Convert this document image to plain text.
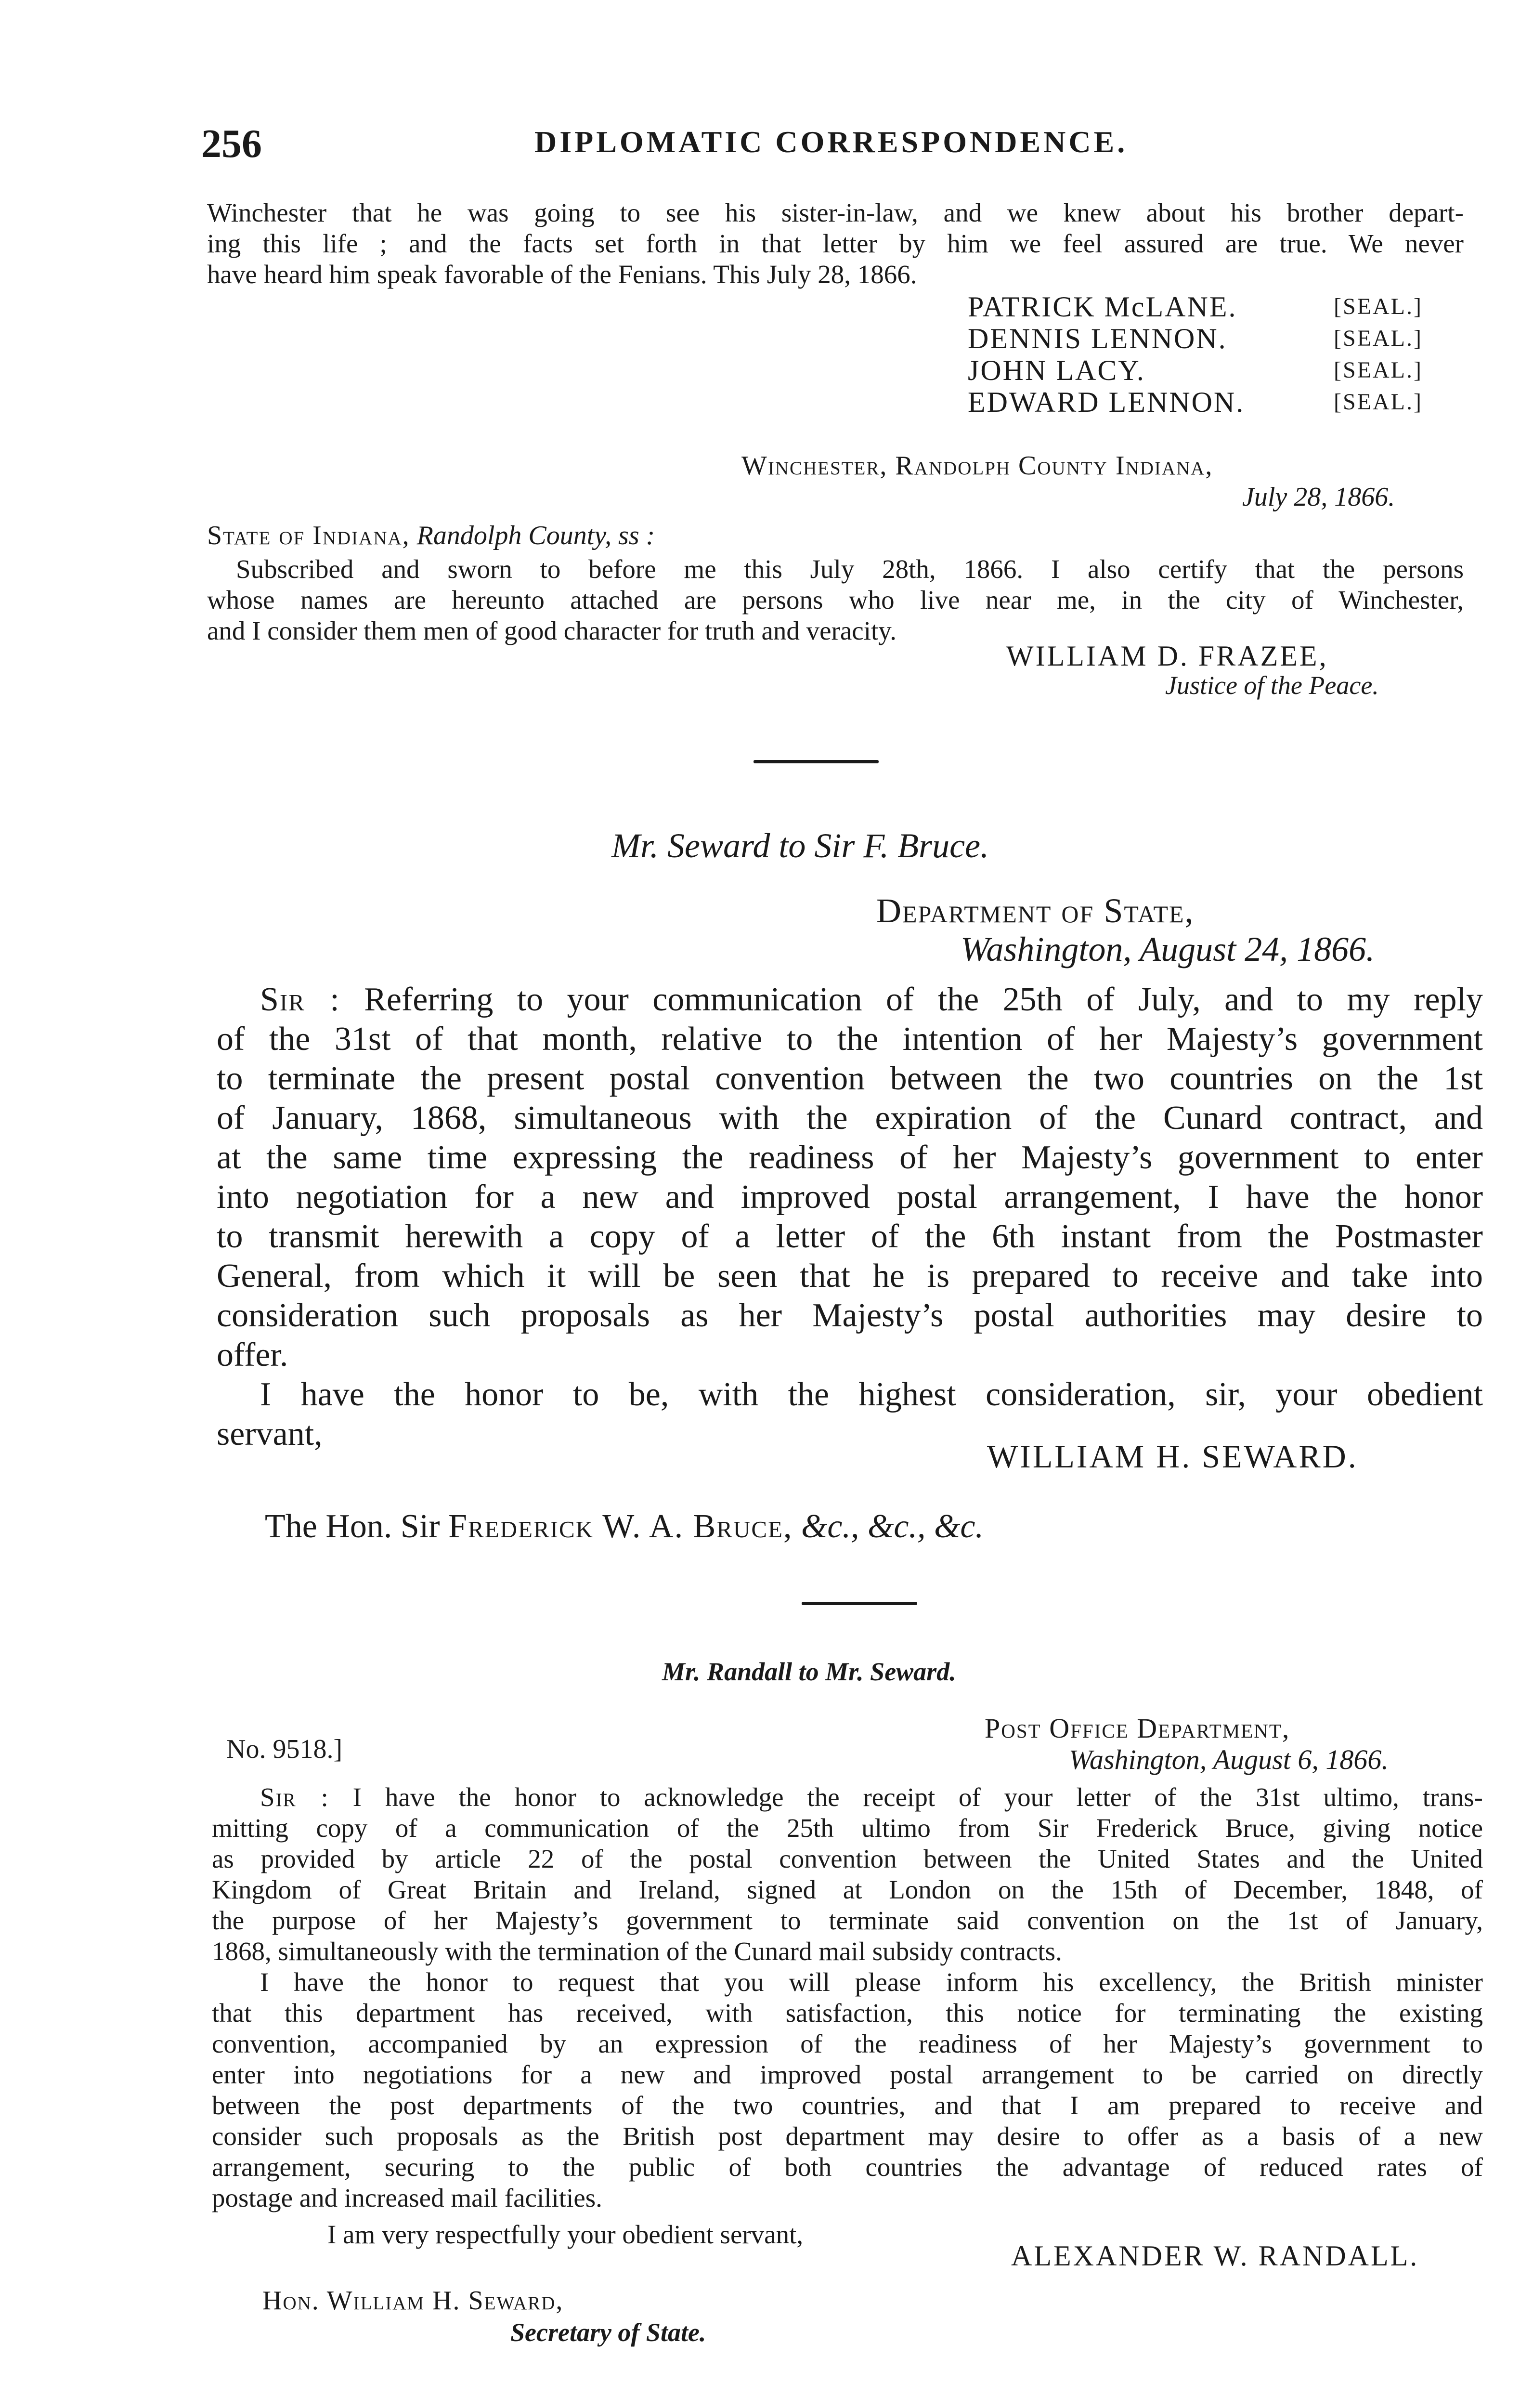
256	DIPLOMATIC CORRESPONDENCE.
Winchester that he was going to see his sister-in-law, and we knew about his brother depart-
ing this life ; and the facts set forth in that letter by him we feel assured are true. We never
have heard him speak favorable of the Fenians. This July 28, 1866.
PATRICK McLANE.	[SEAL.]
DENNIS LENNON.	[SEAL.]
JOHN LACY.	[SEAL.]
EDWARD LENNON.	[SEAL.]
Winchester, Randolph County Indiana,
July 28, 1866.
State of Indiana, Randolph County, ss :
Subscribed and sworn to before me this July 28th, 1866. I also certify that the persons
whose names are hereunto attached are persons who live near me, in the city of Winchester,
and I consider them men of good character for truth and veracity.
WILLIAM D. FRAZEE,
Justice of the Peace.
Mr. Seward to Sir F. Bruce.
Department of State,
Washington, August 24, 1866.
Sir : Referring to your communication of the 25th of July, and to my reply
of the 31st of that month, relative to the intention of her Majesty’s government
to terminate the present postal convention between the two countries on the 1st
of January, 1868, simultaneous with the expiration of the Cunard contract, and
at the same time expressing the readiness of her Majesty’s government to enter
into negotiation for a new and improved postal arrangement, I have the honor
to transmit herewith a copy of a letter of the 6th instant from the Postmaster
General, from which it will be seen that he is prepared to receive and take into
consideration such proposals as her Majesty’s postal authorities may desire to
offer.
I have the honor to be, with the highest consideration, sir, your obedient
servant,
WILLIAM H. SEWARD.
The Hon. Sir Frederick W. A. Bruce, &c., &c., &c.
Mr. Randall to Mr. Seward.
No. 9518.]
Post Office Department,
Washington, August 6, 1866.
Sir : I have the honor to acknowledge the receipt of your letter of the 31st ultimo, trans-
mitting copy of a communication of the 25th ultimo from Sir Frederick Bruce, giving notice
as provided by article 22 of the postal convention between the United States and the United
Kingdom of Great Britain and Ireland, signed at London on the 15th of December, 1848, of
the purpose of her Majesty’s government to terminate said convention on the 1st of January,
1868, simultaneously with the termination of the Cunard mail subsidy contracts.
I have the honor to request that you will please inform his excellency, the British minister
that this department has received, with satisfaction, this notice for terminating the existing
convention, accompanied by an expression of the readiness of her Majesty’s government to
enter into negotiations for a new and improved postal arrangement to be carried on directly
between the post departments of the two countries, and that I am prepared to receive and
consider such proposals as the British post department may desire to offer as a basis of a new
arrangement, securing to the public of both countries the advantage of reduced rates of
postage and increased mail facilities.
I am very respectfully your obedient servant,
ALEXANDER W. RANDALL.
Hon. William H. Seward,
Secretary of State.
